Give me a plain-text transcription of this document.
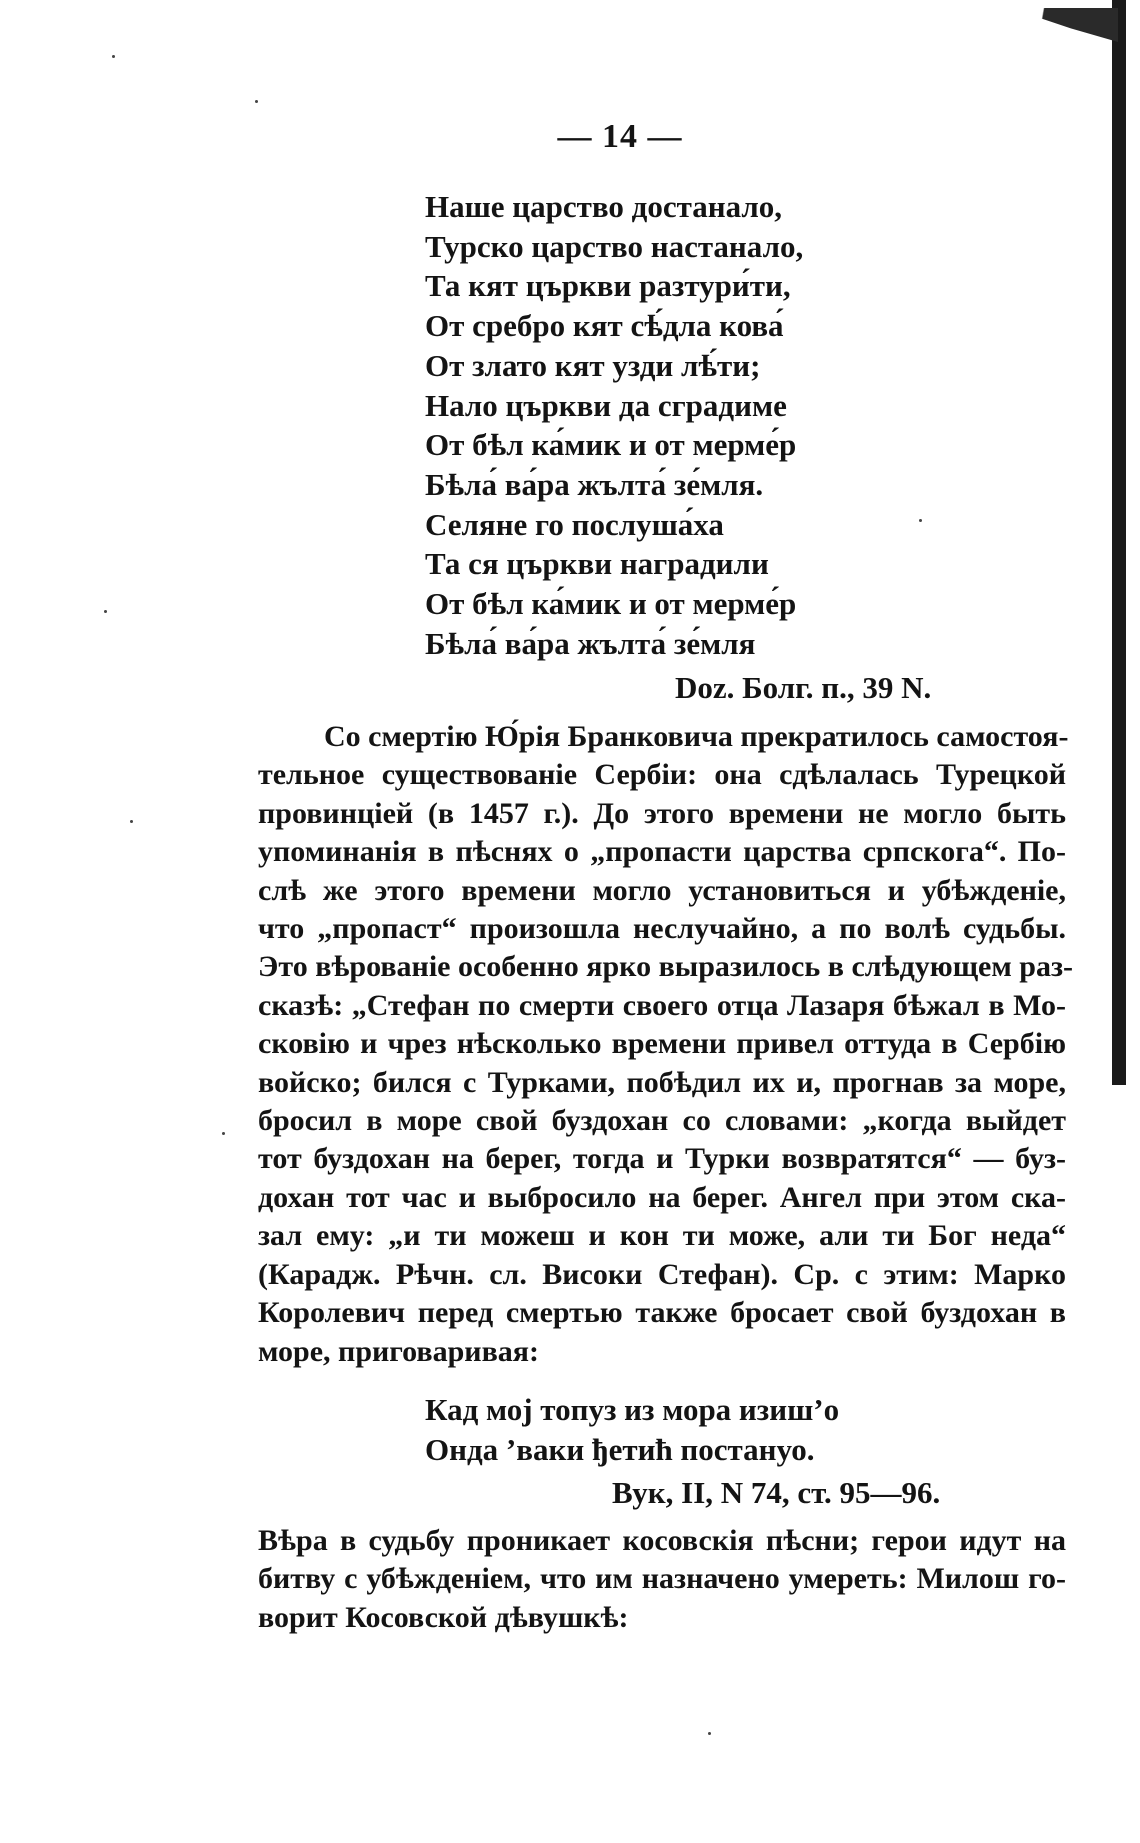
— 14 —
Наше царство достанало,
Турско царство настанало,
Та кят църкви разтури́ти,
От сребро кят сѣ́дла кова́
От злато кят узди лѣ́ти;
Нало църкви да сградиме
От бѣл ка́мик и от мерме́р
Бѣла́ ва́ра жълта́ зе́мля.
Селяне го послуша́ха
Та ся църкви наградили
От бѣл ка́мик и от мерме́р
Бѣла́ ва́ра жълта́ зе́мля
Doz. Болг. п., 39 N.
Со смертію Ю́рія Бранковича прекратилось самостоя-
тельное существованіе Сербіи: она сдѣлалась Турецкой
провинціей (в 1457 г.). До этого времени не могло быть
упоминанія в пѣснях о „пропасти царства српскога“. По-
слѣ же этого времени могло установиться и убѣжденіе,
что „пропаст“ произошла неслучайно, а по волѣ судьбы.
Это вѣрованіе особенно ярко выразилось в слѣдующем раз-
сказѣ: „Стефан по смерти своего отца Лазаря бѣжал в Мо-
сковію и чрез нѣсколько времени привел оттуда в Сербію
войско; бился с Турками, побѣдил их и, прогнав за море,
бросил в море свой буздохан со словами: „когда выйдет
тот буздохан на берег, тогда и Турки возвратятся“ — буз-
дохан тот час и выбросило на берег. Ангел при этом ска-
зал ему: „и ти можеш и кон ти може, али ти Бог неда“
(Карадж. Рѣчн. сл. Високи Стефан). Ср. с этим: Марко
Королевич перед смертью также бросает свой буздохан в
море, приговаривая:
Кад мој топуз из мора изиш’о
Онда ’ваки ђетић постануо.
Вук, II, N 74, ст. 95—96.
Вѣра в судьбу проникает косовскія пѣсни; герои идут на
битву с убѣжденіем, что им назначено умереть: Милош го-
ворит Косовской дѣвушкѣ:
